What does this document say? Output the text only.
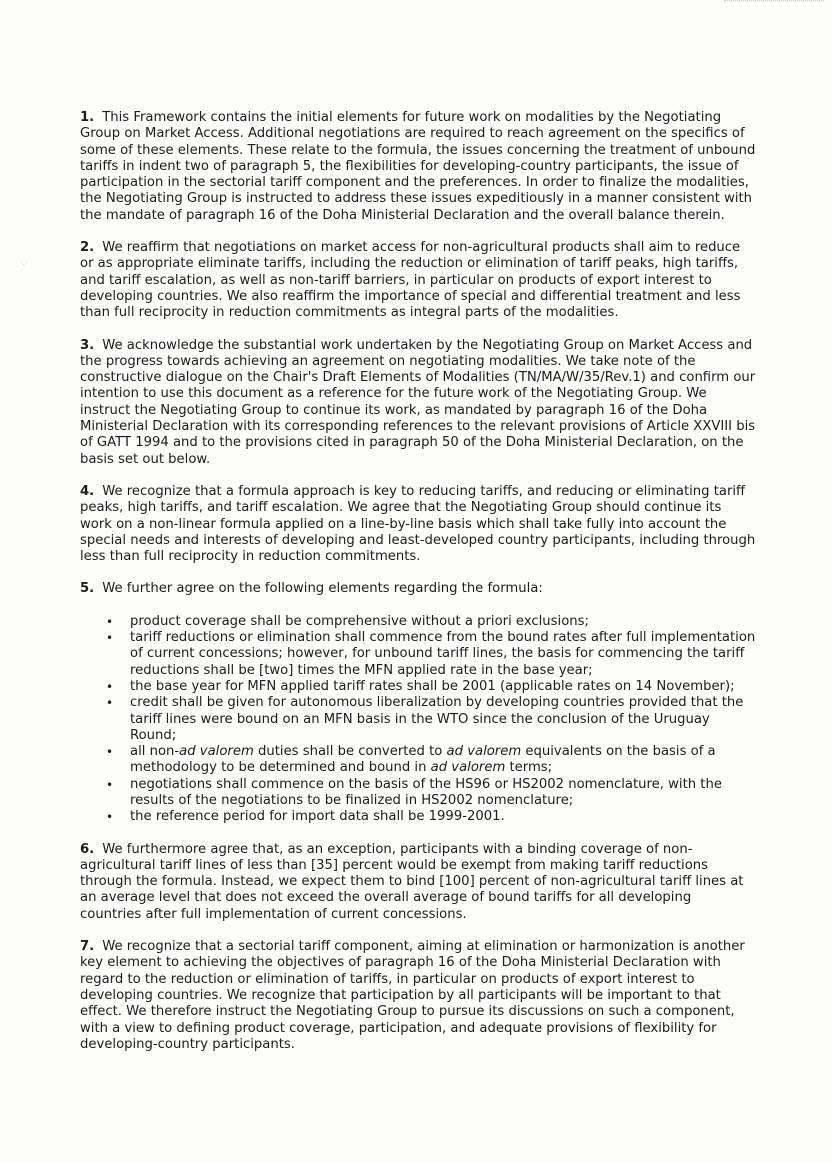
˙·˙

1. This Framework contains the initial elements for future work on modalities by the Negotiating Group on Market Access. Additional negotiations are required to reach agreement on the specifics of some of these elements. These relate to the formula, the issues concerning the treatment of unbound tariffs in indent two of paragraph 5, the flexibilities for developing-country participants, the issue of participation in the sectorial tariff component and the preferences. In order to finalize the modalities, the Negotiating Group is instructed to address these issues expeditiously in a manner consistent with the mandate of paragraph 16 of the Doha Ministerial Declaration and the overall balance therein.

2. We reaffirm that negotiations on market access for non-agricultural products shall aim to reduce or as appropriate eliminate tariffs, including the reduction or elimination of tariff peaks, high tariffs, and tariff escalation, as well as non-tariff barriers, in particular on products of export interest to developing countries. We also reaffirm the importance of special and differential treatment and less than full reciprocity in reduction commitments as integral parts of the modalities.

3. We acknowledge the substantial work undertaken by the Negotiating Group on Market Access and the progress towards achieving an agreement on negotiating modalities. We take note of the constructive dialogue on the Chair's Draft Elements of Modalities (TN/MA/W/35/Rev.1) and confirm our intention to use this document as a reference for the future work of the Negotiating Group. We instruct the Negotiating Group to continue its work, as mandated by paragraph 16 of the Doha Ministerial Declaration with its corresponding references to the relevant provisions of Article XXVIII bis of GATT 1994 and to the provisions cited in paragraph 50 of the Doha Ministerial Declaration, on the basis set out below.

4. We recognize that a formula approach is key to reducing tariffs, and reducing or eliminating tariff peaks, high tariffs, and tariff escalation. We agree that the Negotiating Group should continue its work on a non-linear formula applied on a line-by-line basis which shall take fully into account the special needs and interests of developing and least-developed country participants, including through less than full reciprocity in reduction commitments.

5. We further agree on the following elements regarding the formula:

• product coverage shall be comprehensive without a priori exclusions;
• tariff reductions or elimination shall commence from the bound rates after full implementation of current concessions; however, for unbound tariff lines, the basis for commencing the tariff reductions shall be [two] times the MFN applied rate in the base year;
• the base year for MFN applied tariff rates shall be 2001 (applicable rates on 14 November);
• credit shall be given for autonomous liberalization by developing countries provided that the tariff lines were bound on an MFN basis in the WTO since the conclusion of the Uruguay Round;
• all non-ad valorem duties shall be converted to ad valorem equivalents on the basis of a methodology to be determined and bound in ad valorem terms;
• negotiations shall commence on the basis of the HS96 or HS2002 nomenclature, with the results of the negotiations to be finalized in HS2002 nomenclature;
• the reference period for import data shall be 1999-2001.

6. We furthermore agree that, as an exception, participants with a binding coverage of non-agricultural tariff lines of less than [35] percent would be exempt from making tariff reductions through the formula. Instead, we expect them to bind [100] percent of non-agricultural tariff lines at an average level that does not exceed the overall average of bound tariffs for all developing countries after full implementation of current concessions.

7. We recognize that a sectorial tariff component, aiming at elimination or harmonization is another key element to achieving the objectives of paragraph 16 of the Doha Ministerial Declaration with regard to the reduction or elimination of tariffs, in particular on products of export interest to developing countries. We recognize that participation by all participants will be important to that effect. We therefore instruct the Negotiating Group to pursue its discussions on such a component, with a view to defining product coverage, participation, and adequate provisions of flexibility for developing-country participants.
